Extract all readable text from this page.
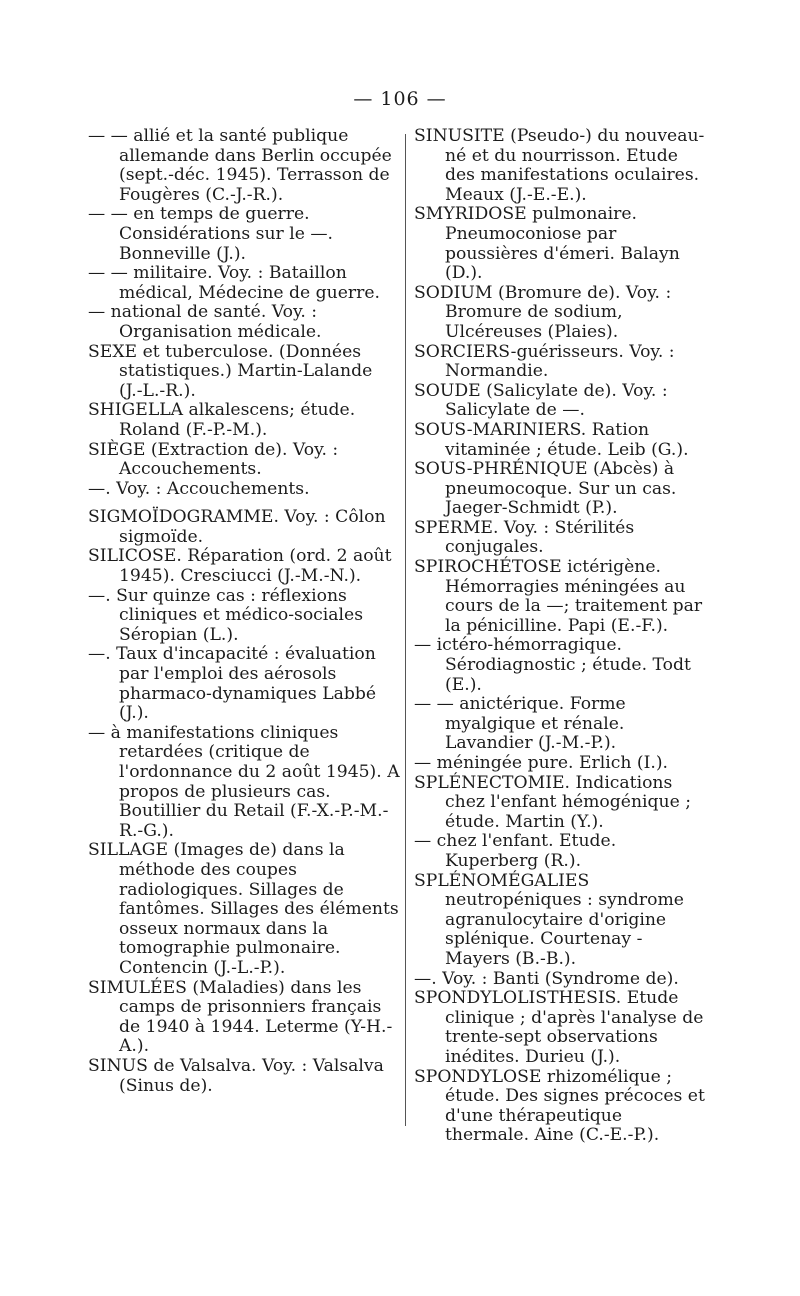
— 106 —

— — allié et la santé publique allemande dans Berlin occupée (sept.-déc. 1945). Terrasson de Fougères (C.-J.-R.).

— — en temps de guerre. Considérations sur le —. Bonneville (J.).

— — militaire. Voy. : Bataillon médical, Médecine de guerre.

— national de santé. Voy. : Organisation médicale.

SEXE et tuberculose. (Données statistiques.) Martin-Lalande (J.-L.-R.).

SHIGELLA alkalescens; étude. Roland (F.-P.-M.).

SIÈGE (Extraction de). Voy. : Accouchements.

—. Voy. : Accouchements.

SIGMOÏDOGRAMME. Voy. : Côlon sigmoïde.

SILICOSE. Réparation (ord. 2 août 1945). Cresciucci (J.-M.-N.).

—. Sur quinze cas : réflexions cliniques et médico-sociales Séropian (L.).

—. Taux d'incapacité : évaluation par l'emploi des aérosols pharmaco-dynamiques Labbé (J.).

— à manifestations cliniques retardées (critique de l'ordonnance du 2 août 1945). A propos de plusieurs cas. Boutillier du Retail (F.-X.-P.-M.-R.-G.).

SILLAGE (Images de) dans la méthode des coupes radiologiques. Sillages de fantômes. Sillages des éléments osseux normaux dans la tomographie pulmonaire. Contencin (J.-L.-P.).

SIMULÉES (Maladies) dans les camps de prisonniers français de 1940 à 1944. Leterme (Y-H.-A.).

SINUS de Valsalva. Voy. : Valsalva (Sinus de).

SINUSITE (Pseudo-) du nouveau-né et du nourrisson. Etude des manifestations oculaires. Meaux (J.-E.-E.).

SMYRIDOSE pulmonaire. Pneumoconiose par poussières d'émeri. Balayn (D.).

SODIUM (Bromure de). Voy. : Bromure de sodium, Ulcéreuses (Plaies).

SORCIERS-guérisseurs. Voy. : Normandie.

SOUDE (Salicylate de). Voy. : Salicylate de —.

SOUS-MARINIERS. Ration vitaminée ; étude. Leib (G.).

SOUS-PHRÉNIQUE (Abcès) à pneumocoque. Sur un cas. Jaeger-Schmidt (P.).

SPERME. Voy. : Stérilités conjugales.

SPIROCHÉTOSE ictérigène. Hémorragies méningées au cours de la —; traitement par la pénicilline. Papi (E.-F.).

— ictéro-hémorragique. Sérodiagnostic ; étude. Todt (E.).

— — anictérique. Forme myalgique et rénale. Lavandier (J.-M.-P.).

— méningée pure. Erlich (I.).

SPLÉNECTOMIE. Indications chez l'enfant hémogénique ; étude. Martin (Y.).

— chez l'enfant. Etude. Kuperberg (R.).

SPLÉNOMÉGALIES neutropéniques : syndrome agranulocytaire d'origine splénique. Courtenay - Mayers (B.-B.).

—. Voy. : Banti (Syndrome de).

SPONDYLOLISTHESIS. Etude clinique ; d'après l'analyse de trente-sept observations inédites. Durieu (J.).

SPONDYLOSE rhizomélique ; étude. Des signes précoces et d'une thérapeutique thermale. Aine (C.-E.-P.).
